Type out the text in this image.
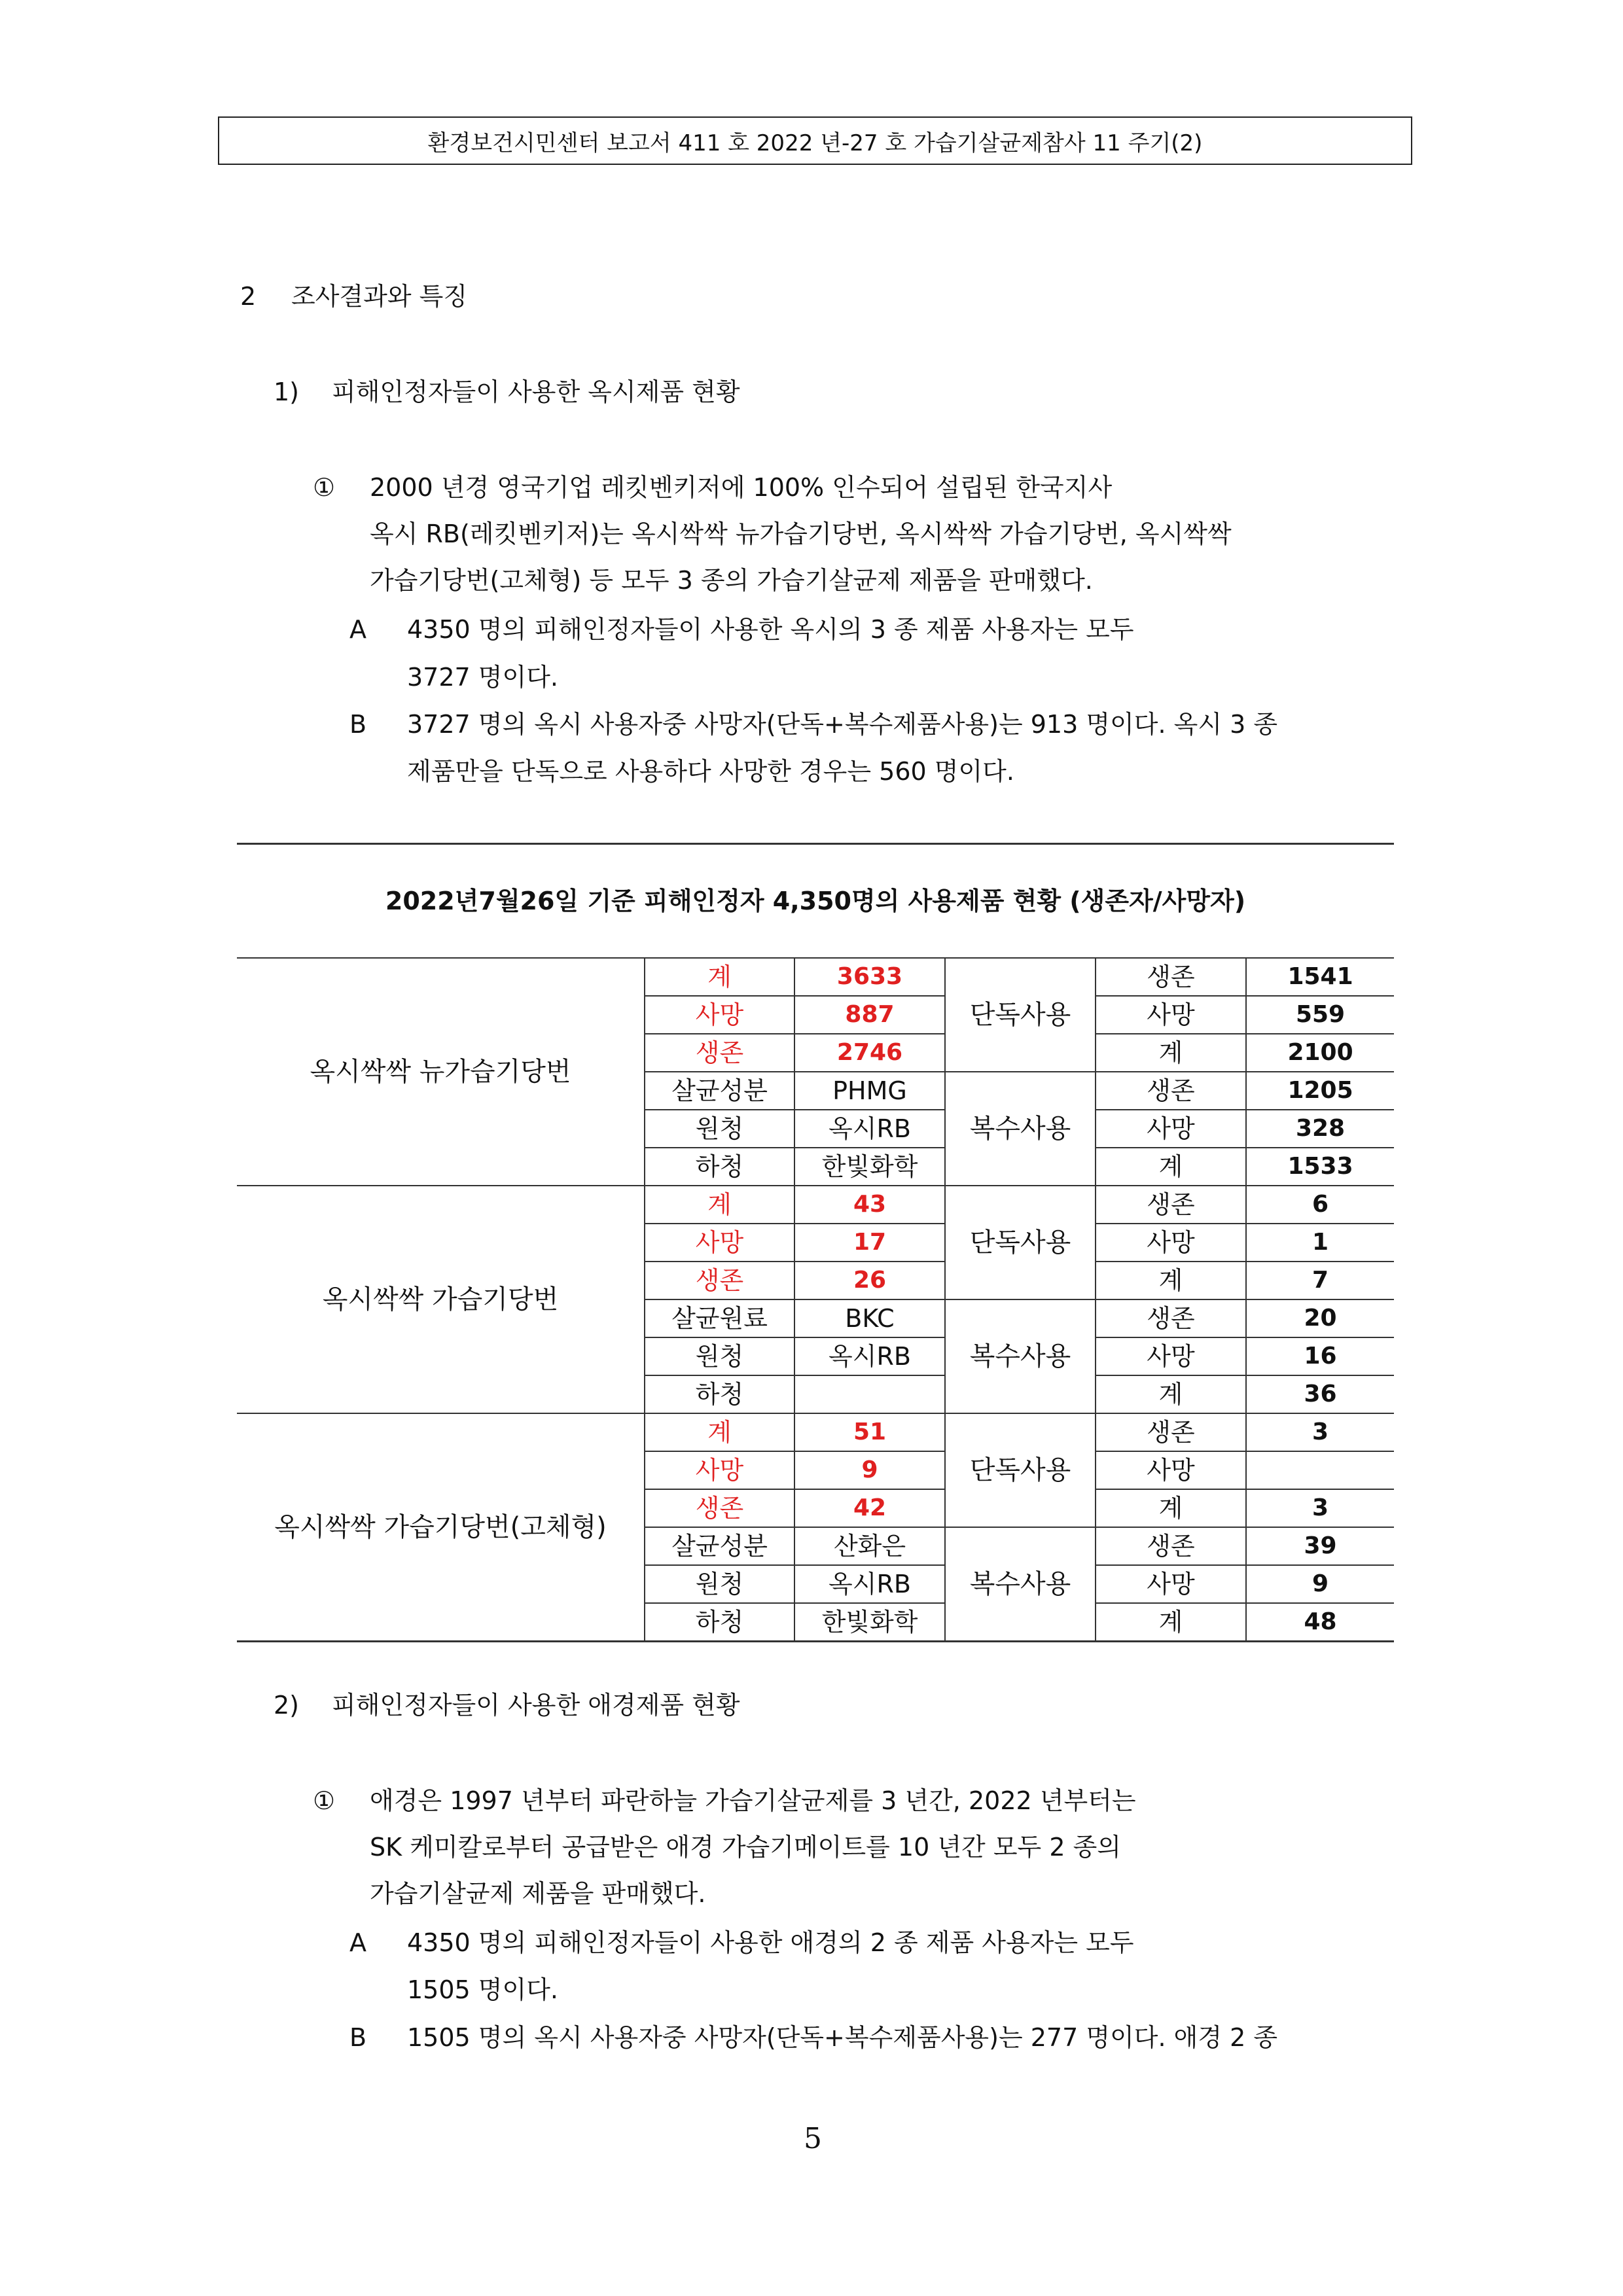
환경보건시민센터 보고서 411 호 2022 년-27 호 가습기살균제참사 11 주기(2)
2 조사결과와 특징
1) 피해인정자들이 사용한 옥시제품 현황
① 2000 년경 영국기업 레킷벤키저에 100% 인수되어 설립된 한국지사
옥시 RB(레킷벤키저)는 옥시싹싹 뉴가습기당번, 옥시싹싹 가습기당번, 옥시싹싹
가습기당번(고체형) 등 모두 3 종의 가습기살균제 제품을 판매했다.
A 4350 명의 피해인정자들이 사용한 옥시의 3 종 제품 사용자는 모두
3727 명이다.
B 3727 명의 옥시 사용자중 사망자(단독+복수제품사용)는 913 명이다. 옥시 3 종
제품만을 단독으로 사용하다 사망한 경우는 560 명이다.
2022년7월26일 기준 피해인정자 4,350명의 사용제품 현황 (생존자/사망자)					
옥시싹싹 뉴가습기당번	계	3633	단독사용	생존	1541
	사망	887		사망	559
	생존	2746		계	2100
	살균성분	PHMG	복수사용	생존	1205
	원청	옥시RB		사망	328
	하청	한빛화학		계	1533
옥시싹싹 가습기당번	계	43	단독사용	생존	6
	사망	17		사망	1
	생존	26		계	7
	살균원료	BKC	복수사용	생존	20
	원청	옥시RB		사망	16
	하청			계	36
옥시싹싹 가습기당번(고체형)	계	51	단독사용	생존	3
	사망	9		사망	
	생존	42		계	3
	살균성분	산화은	복수사용	생존	39
	원청	옥시RB		사망	9
	하청	한빛화학		계	48
2) 피해인정자들이 사용한 애경제품 현황
① 애경은 1997 년부터 파란하늘 가습기살균제를 3 년간, 2022 년부터는
SK 케미칼로부터 공급받은 애경 가습기메이트를 10 년간 모두 2 종의
가습기살균제 제품을 판매했다.
A 4350 명의 피해인정자들이 사용한 애경의 2 종 제품 사용자는 모두
1505 명이다.
B 1505 명의 옥시 사용자중 사망자(단독+복수제품사용)는 277 명이다. 애경 2 종
5
